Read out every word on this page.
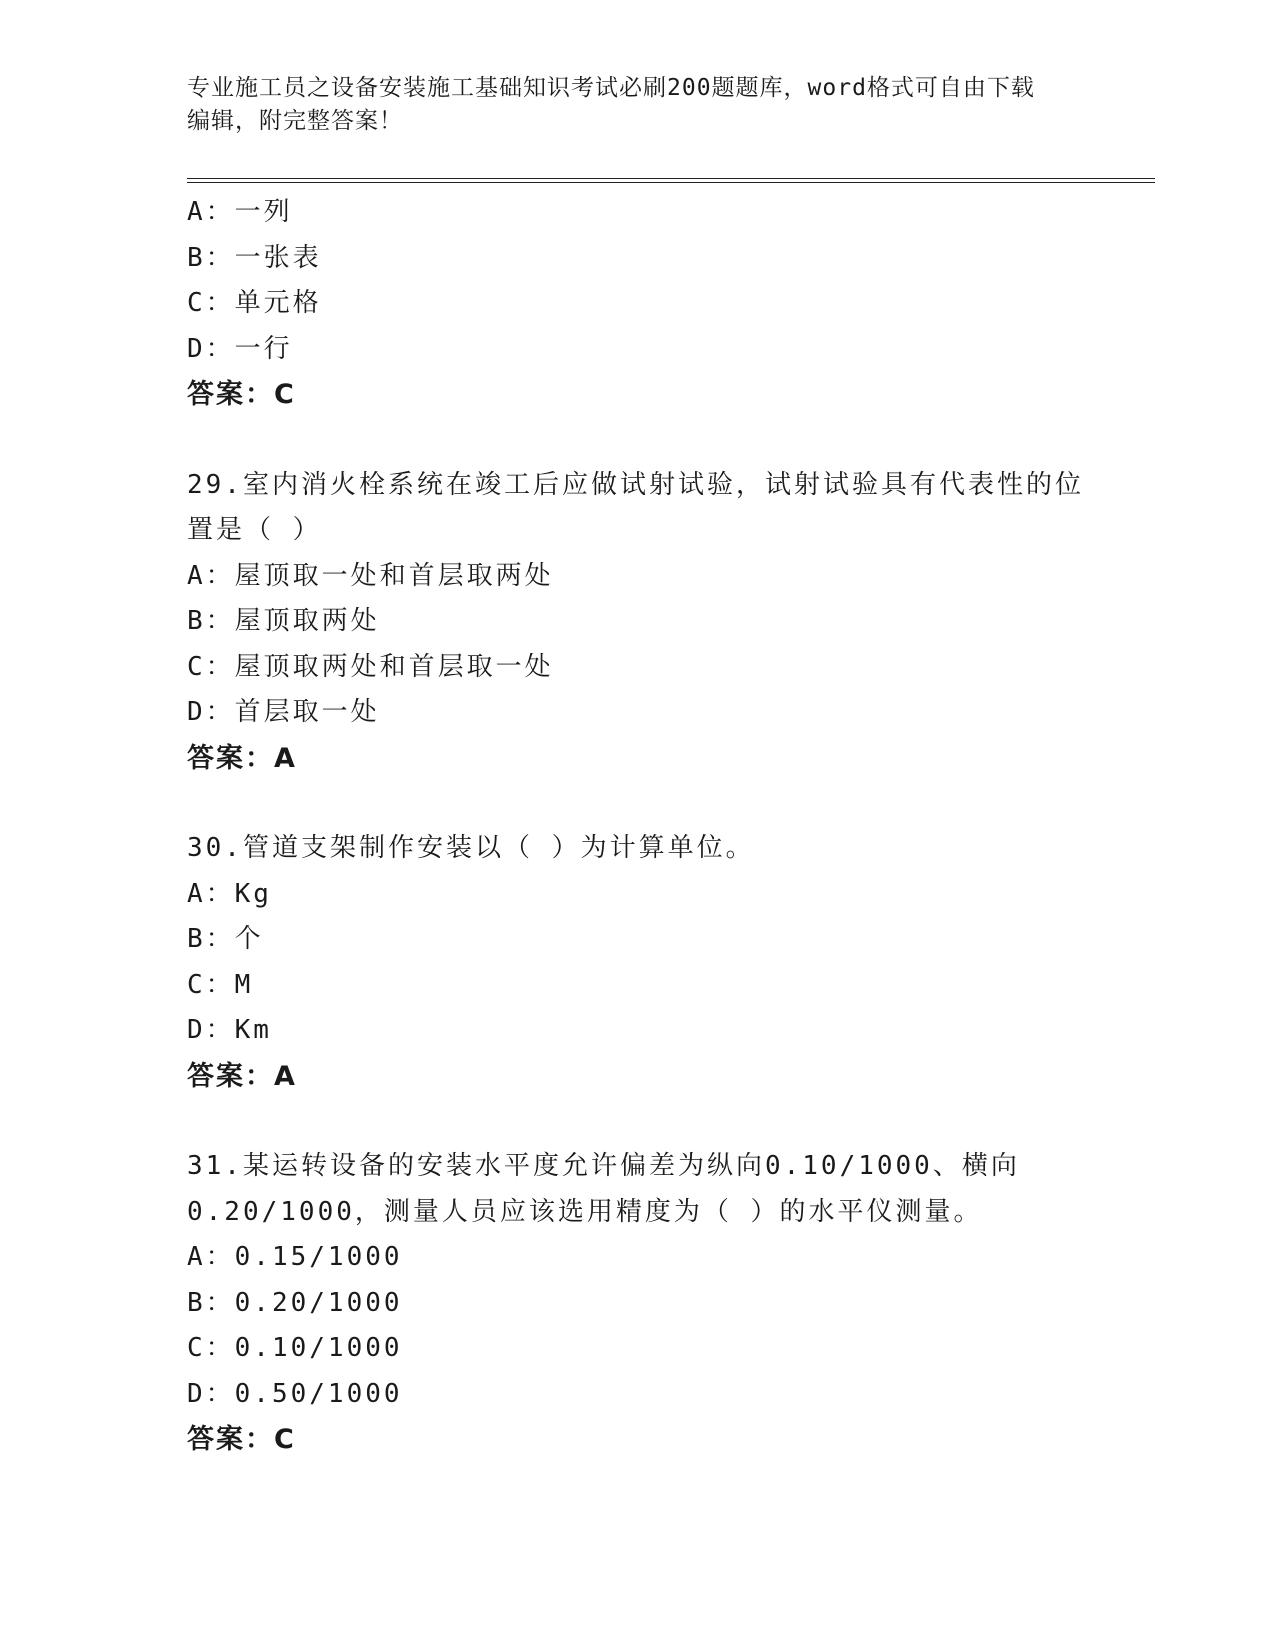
专业施工员之设备安装施工基础知识考试必刷200题题库，word格式可自由下载
编辑，附完整答案！
A：一列
B：一张表
C：单元格
D：一行
答案：C
29.室内消火栓系统在竣工后应做试射试验，试射试验具有代表性的位
置是（ ）
A：屋顶取一处和首层取两处
B：屋顶取两处
C：屋顶取两处和首层取一处
D：首层取一处
答案：A
30.管道支架制作安装以（ ）为计算单位。
A：Kg
B：个
C：M
D：Km
答案：A
31.某运转设备的安装水平度允许偏差为纵向0.10/1000、横向
0.20/1000，测量人员应该选用精度为（ ）的水平仪测量。
A：0.15/1000
B：0.20/1000
C：0.10/1000
D：0.50/1000
答案：C
